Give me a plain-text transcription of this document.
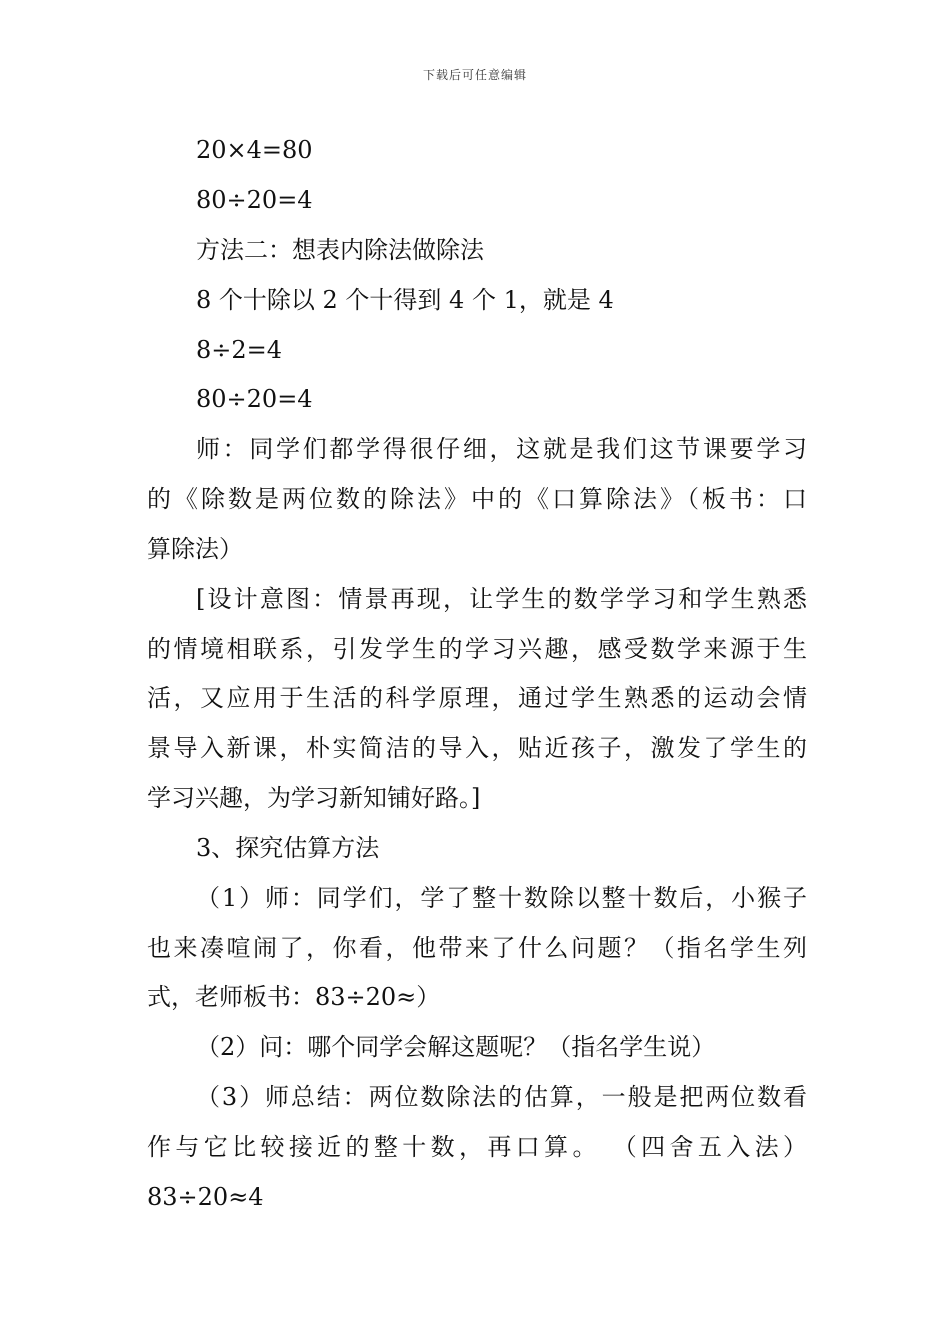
下载后可任意编辑
20×4=80
80÷20=4
方法二：想表内除法做除法
8 个十除以 2 个十得到 4 个 1，就是 4
8÷2=4
80÷20=4
师：同学们都学得很仔细，这就是我们这节课要学习
的《除数是两位数的除法》中的《口算除法》（板书：口
算除法）
[设计意图：情景再现，让学生的数学学习和学生熟悉
的情境相联系，引发学生的学习兴趣，感受数学来源于生
活，又应用于生活的科学原理，通过学生熟悉的运动会情
景导入新课，朴实简洁的导入，贴近孩子，激发了学生的
学习兴趣，为学习新知铺好路。]
3、探究估算方法
（1）师：同学们，学了整十数除以整十数后，小猴子
也来凑喧闹了，你看，他带来了什么问题？（指名学生列
式，老师板书：83÷20≈）
（2）问：哪个同学会解这题呢？（指名学生说）
（3）师总结：两位数除法的估算，一般是把两位数看
作与它比较接近的整十数，再口算。 （四舍五入法）
83÷20≈4
